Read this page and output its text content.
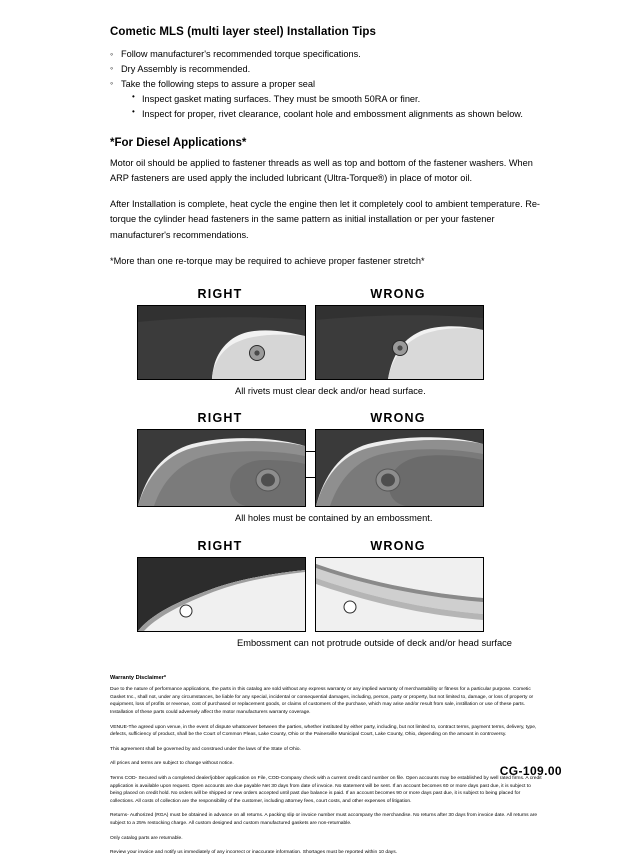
Cometic MLS (multi layer steel) Installation Tips
◦ Follow manufacturer's recommended torque specifications.
◦ Dry Assembly is recommended.
◦ Take the following steps to assure a proper seal
• Inspect gasket mating surfaces. They must be smooth 50RA or finer.
• Inspect for proper, rivet clearance, coolant hole and embossment alignments as shown below.
*For Diesel Applications*

Motor oil should be applied to fastener threads as well as top and bottom of the fastener washers. When ARP fasteners are used apply the included lubricant (Ultra-Torque®) in place of motor oil.

After Installation is complete, heat cycle the engine then let it completely cool to ambient temperature. Re-torque the cylinder head fasteners in the same pattern as initial installation or per your fastener manufacturer's recommendations.

*More than one re-torque may be required to achieve proper fastener stretch*

RIGHT	WRONG
All rivets must clear deck and/or head surface.
RIGHT	WRONG
All holes must be contained by an embossment.
RIGHT	WRONG
Embossment can not protrude outside of deck and/or head surface
Warranty Disclaimer*

Due to the nature of performance applications, the parts in this catalog are sold without any express warranty or any implied warranty of merchantability or fitness for a particular purpose. Cometic Gasket Inc., shall not, under any circumstances, be liable for any special, incidental or consequential damages, including, person, party or property, but not limited to, damage, or loss of property or equipment, loss of profits or revenue, cost of purchased or replacement goods, or claims of customers of the purchase, which may arise and/or result from sale, instillation or use of these parts. Installation of these parts could adversely affect the motor manufacturers warranty coverage.

VENUE-The agreed upon venue, in the event of dispute whatsoever between the parties, whether instituted by either party, including, but not limited to, contract terms, payment terms, delivery, type, defects, sufficiency of product, shall be the Court of Common Pleas, Lake County, Ohio or the Painesville Municipal Court, Lake County, Ohio, depending on the amount in controversy.

This agreement shall be governed by and construed under the laws of the State of Ohio.

All prices and terms are subject to change without notice.

Terms COD- Secured with a completed dealer/jobber application on File, COD-Company check with a current credit card number on file. Open accounts may be established by well rated firms. A credit application is available upon request. Open accounts are due payable Net 30 days from date of invoice. No statement will be sent. If an account becomes 60 or more days past due, it is subject to being placed on credit hold. No orders will be shipped or new orders accepted until past due balance is paid. If an account becomes 90 or more days past due, it is subject to being placed for collections. All costs of collection are the responsibility of the customer, including attorney fees, court costs, and other expenses of litigation.

Returns- Authorized (RGA) must be obtained in advance on all returns. A packing slip or invoice number must accompany the merchandise. No returns after 30 days from invoice date. All returns are subject to a 25% restocking charge. All custom designed and custom manufactured gaskets are non-returnable.

Only catalog parts are returnable.

Review your invoice and notify us immediately of any incorrect or inaccurate information. Shortages must be reported within 10 days.

CG-109.00
